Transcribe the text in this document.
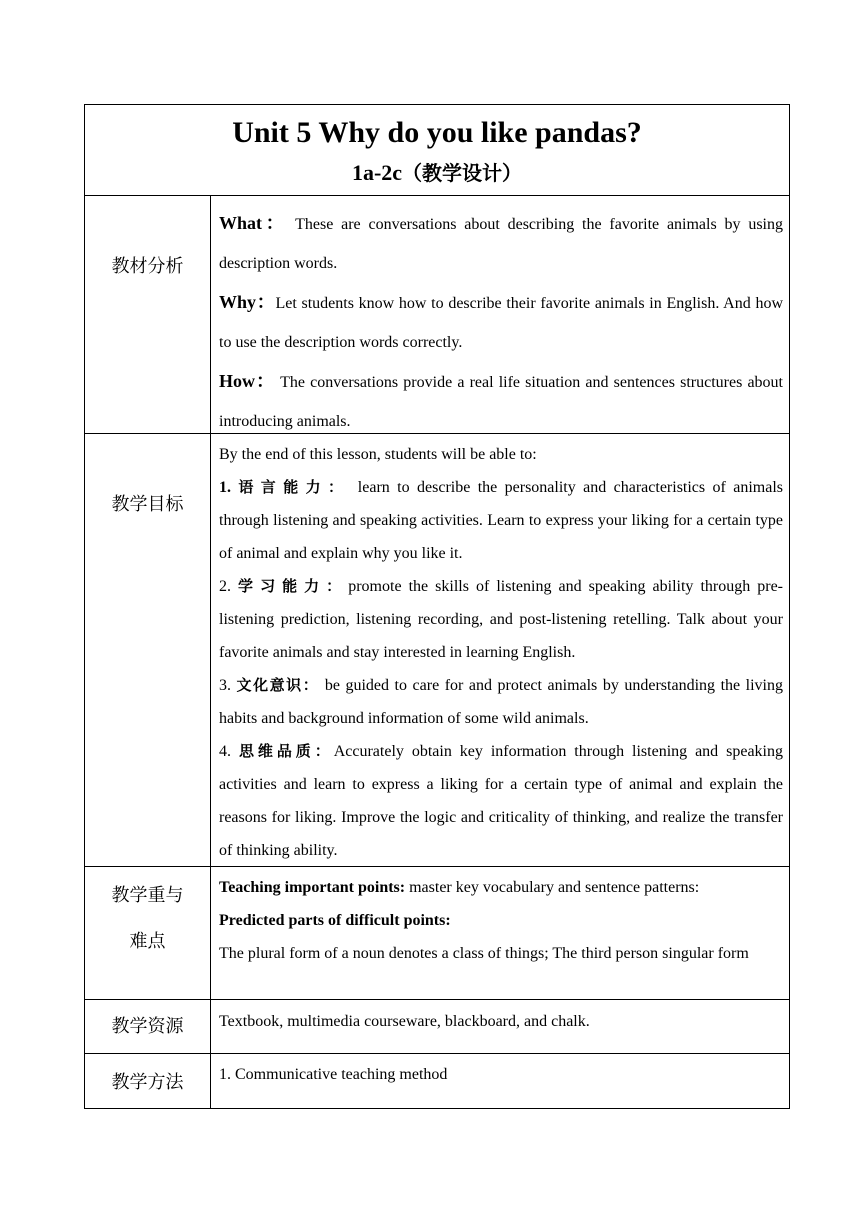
Unit 5 Why do you like pandas?
1a-2c（教学设计）
教材分析

What： These are conversations about describing the favorite animals by using description words.

Why：Let students know how to describe their favorite animals in English. And how to use the description words correctly.

How： The conversations provide a real life situation and sentences structures about introducing animals.

教学目标

By the end of this lesson, students will be able to:

1. 语言能力： learn to describe the personality and characteristics of animals through listening and speaking activities. Learn to express your liking for a certain type of animal and explain why you like it.

2. 学习能力：promote the skills of listening and speaking ability through pre-listening prediction, listening recording, and post-listening retelling. Talk about your favorite animals and stay interested in learning English.

3. 文化意识： be guided to care for and protect animals by understanding the living habits and background information of some wild animals.

4. 思维品质：Accurately obtain key information through listening and speaking activities and learn to express a liking for a certain type of animal and explain the reasons for liking. Improve the logic and criticality of thinking, and realize the transfer of thinking ability.

教学重与
难点

Teaching important points: master key vocabulary and sentence patterns:

Predicted parts of difficult points:

The plural form of a noun denotes a class of things; The third person singular form

教学资源	Textbook, multimedia courseware, blackboard, and chalk.
教学方法	1. Communicative teaching method
